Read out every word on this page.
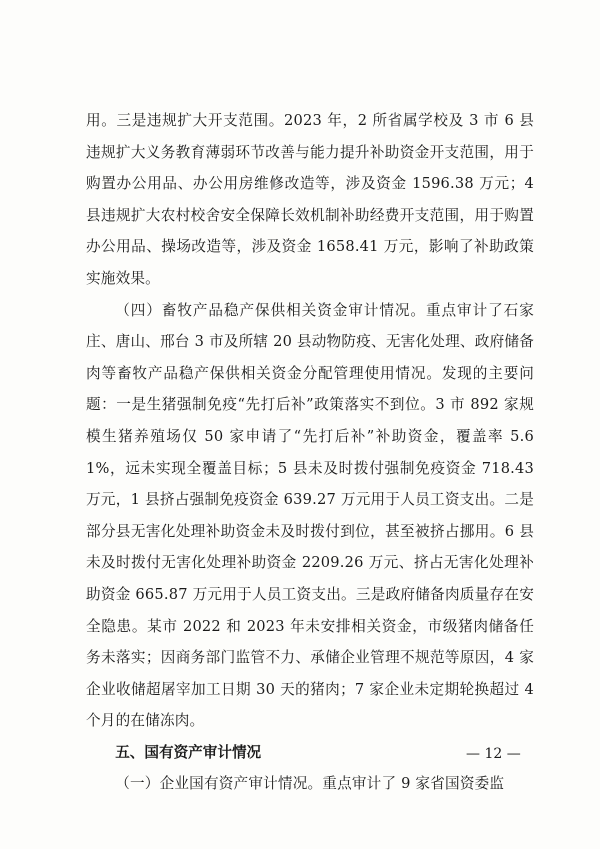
用。三是违规扩大开支范围。2023 年，2 所省属学校及 3 市 6 县违规扩大义务教育薄弱环节改善与能力提升补助资金开支范围，用于购置办公用品、办公用房维修改造等，涉及资金 1596.38 万元；4 县违规扩大农村校舍安全保障长效机制补助经费开支范围，用于购置办公用品、操场改造等，涉及资金 1658.41 万元，影响了补助政策实施效果。

（四）畜牧产品稳产保供相关资金审计情况。重点审计了石家庄、唐山、邢台 3 市及所辖 20 县动物防疫、无害化处理、政府储备肉等畜牧产品稳产保供相关资金分配管理使用情况。发现的主要问题：一是生猪强制免疫“先打后补”政策落实不到位。3 市 892 家规模生猪养殖场仅 50 家申请了“先打后补”补助资金，覆盖率 5.61%，远未实现全覆盖目标；5 县未及时拨付强制免疫资金 718.43 万元，1 县挤占强制免疫资金 639.27 万元用于人员工资支出。二是部分县无害化处理补助资金未及时拨付到位，甚至被挤占挪用。6 县未及时拨付无害化处理补助资金 2209.26 万元、挤占无害化处理补助资金 665.87 万元用于人员工资支出。三是政府储备肉质量存在安全隐患。某市 2022 和 2023 年未安排相关资金，市级猪肉储备任务未落实；因商务部门监管不力、承储企业管理不规范等原因，4 家企业收储超屠宰加工日期 30 天的猪肉；7 家企业未定期轮换超过 4 个月的在储冻肉。

五、国有资产审计情况

（一）企业国有资产审计情况。重点审计了 9 家省国资委监

— 12 —
